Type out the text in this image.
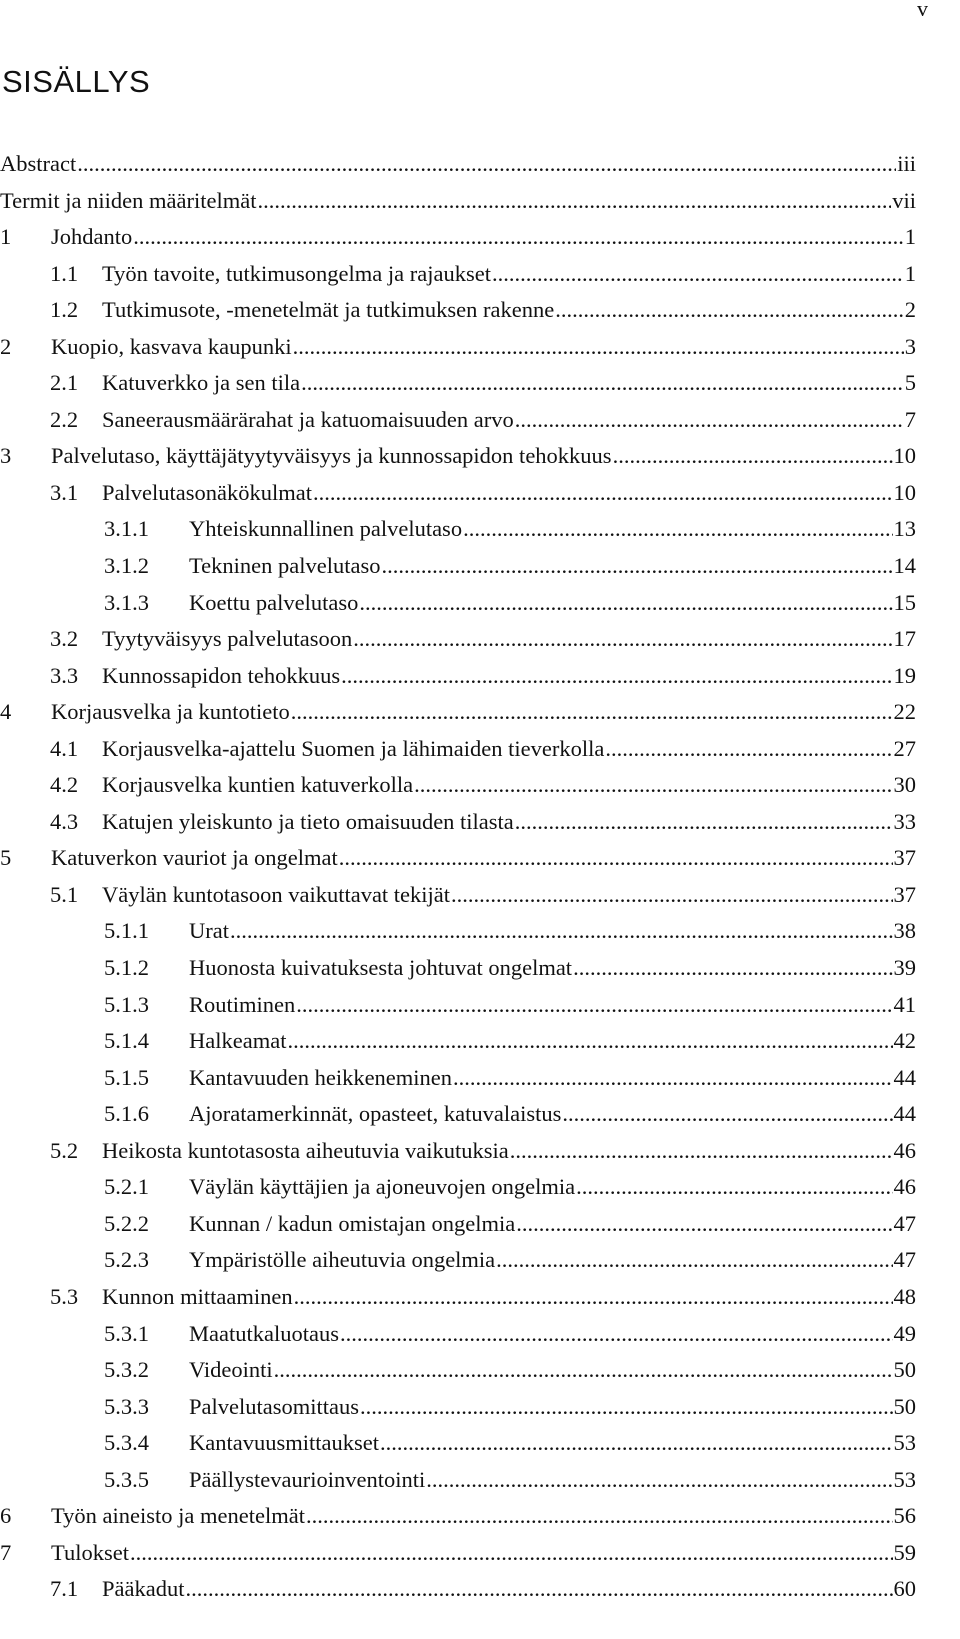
v
SISÄLLYS
Abstract .....	iii
Termit ja niiden määritelmät .....	vii
1	Johdanto .....	1
1.1	Työn tavoite, tutkimusongelma ja rajaukset .....	1
1.2	Tutkimusote, -menetelmät ja tutkimuksen rakenne .....	2
2	Kuopio, kasvava kaupunki .....	3
2.1	Katuverkko ja sen tila .....	5
2.2	Saneerausmäärärahat ja katuomaisuuden arvo .....	7
3	Palvelutaso, käyttäjätyytyväisyys ja kunnossapidon tehokkuus .....	10
3.1	Palvelutasonäkökulmat .....	10
3.1.1	Yhteiskunnallinen palvelutaso .....	13
3.1.2	Tekninen palvelutaso .....	14
3.1.3	Koettu palvelutaso .....	15
3.2	Tyytyväisyys palvelutasoon .....	17
3.3	Kunnossapidon tehokkuus .....	19
4	Korjausvelka ja kuntotieto .....	22
4.1	Korjausvelka-ajattelu Suomen ja lähimaiden tieverkolla .....	27
4.2	Korjausvelka kuntien katuverkolla .....	30
4.3	Katujen yleiskunto ja tieto omaisuuden tilasta .....	33
5	Katuverkon vauriot ja ongelmat .....	37
5.1	Väylän kuntotasoon vaikuttavat tekijät .....	37
5.1.1	Urat .....	38
5.1.2	Huonosta kuivatuksesta johtuvat ongelmat .....	39
5.1.3	Routiminen .....	41
5.1.4	Halkeamat .....	42
5.1.5	Kantavuuden heikkeneminen .....	44
5.1.6	Ajoratamerkinnät, opasteet, katuvalaistus .....	44
5.2	Heikosta kuntotasosta aiheutuvia vaikutuksia .....	46
5.2.1	Väylän käyttäjien ja ajoneuvojen ongelmia .....	46
5.2.2	Kunnan / kadun omistajan ongelmia .....	47
5.2.3	Ympäristölle aiheutuvia ongelmia .....	47
5.3	Kunnon mittaaminen .....	48
5.3.1	Maatutkaluotaus .....	49
5.3.2	Videointi .....	50
5.3.3	Palvelutasomittaus .....	50
5.3.4	Kantavuusmittaukset .....	53
5.3.5	Päällystevaurioinventointi .....	53
6	Työn aineisto ja menetelmät .....	56
7	Tulokset .....	59
7.1	Pääkadut .....	60
